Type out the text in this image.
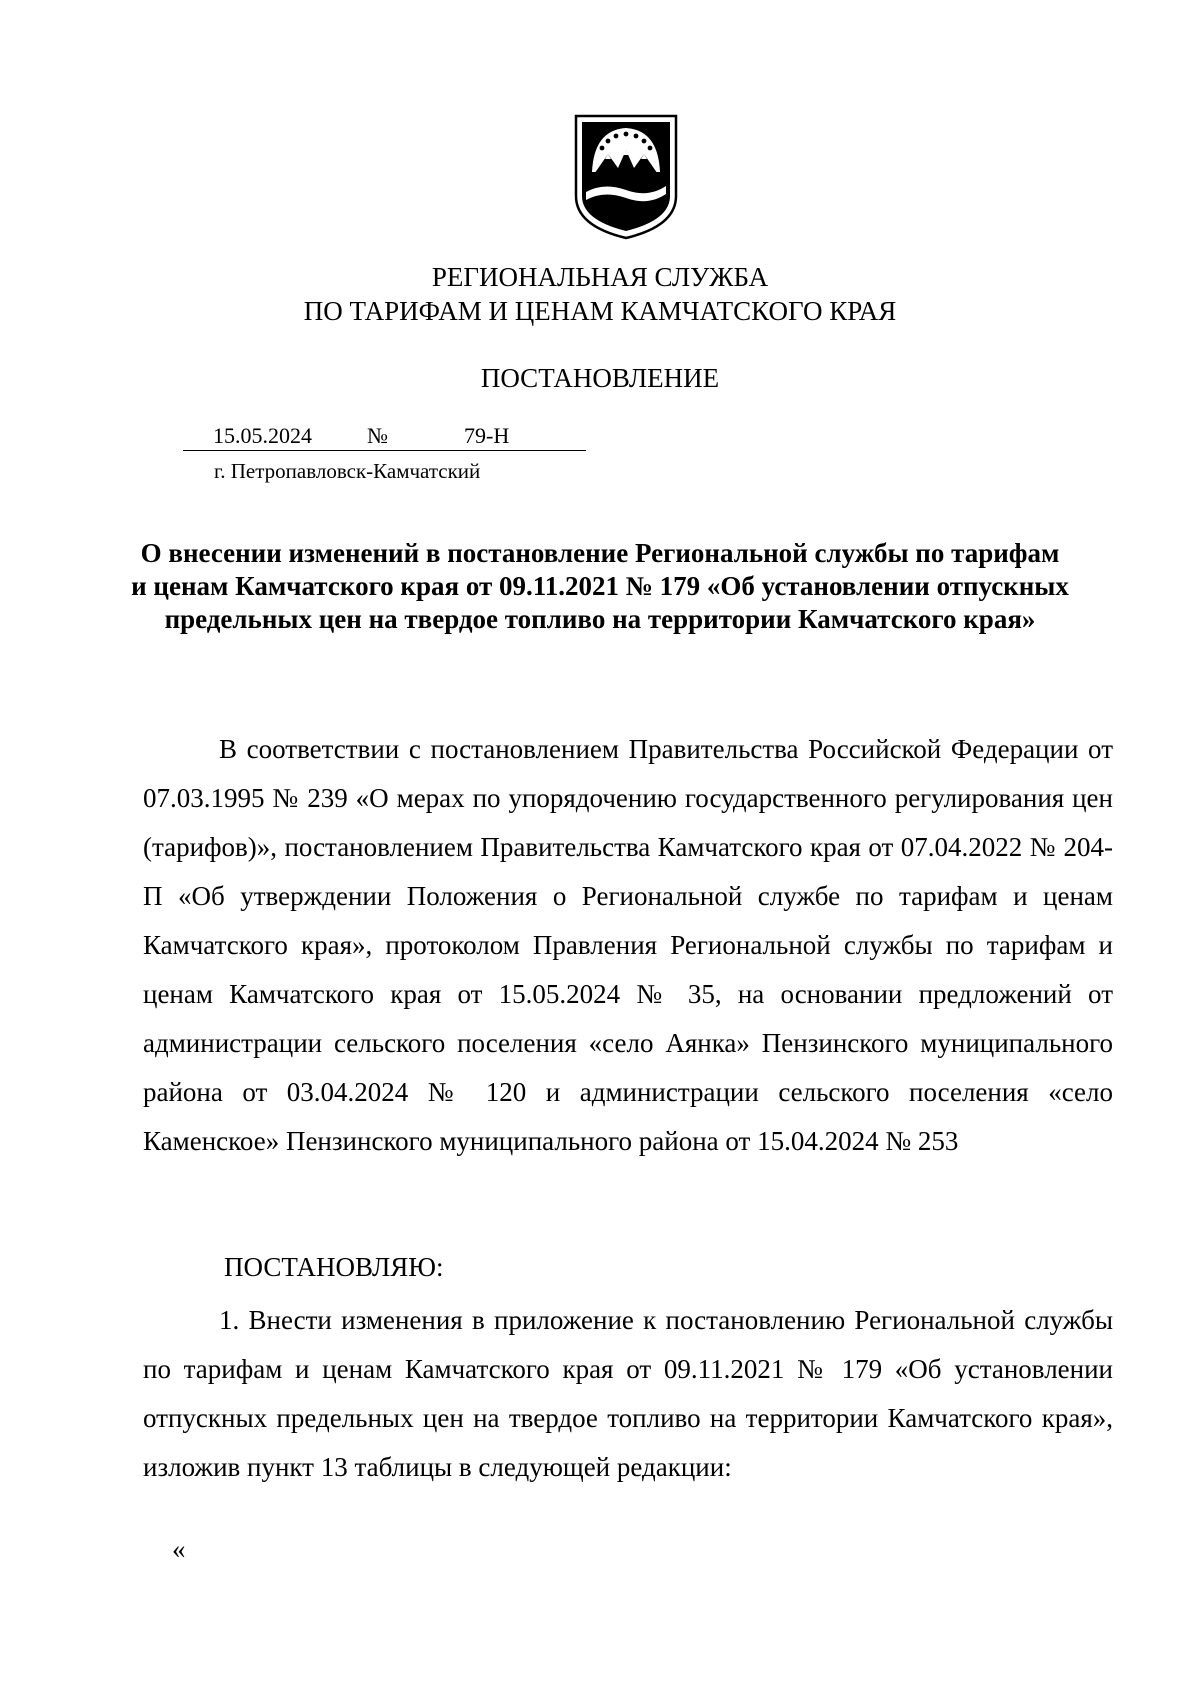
РЕГИОНАЛЬНАЯ СЛУЖБА
ПО ТАРИФАМ И ЦЕНАМ КАМЧАТСКОГО КРАЯ
ПОСТАНОВЛЕНИЕ
15.05.2024	№	79-Н
г. Петропавловск-Камчатский
О внесении изменений в постановление Региональной службы по тарифам и ценам Камчатского края от 09.11.2021 № 179 «Об установлении отпускных предельных цен на твердое топливо на территории Камчатского края»

В соответствии с постановлением Правительства Российской Федерации от 07.03.1995 № 239 «О мерах по упорядочению государственного регулирования цен (тарифов)», постановлением Правительства Камчатского края от 07.04.2022 № 204-П «Об утверждении Положения о Региональной службе по тарифам и ценам Камчатского края», протоколом Правления Региональной службы по тарифам и ценам Камчатского края от 15.05.2024 № 35, на основании предложений от администрации сельского поселения «село Аянка» Пензинского муниципального района от 03.04.2024 № 120 и администрации сельского поселения «село Каменское» Пензинского муниципального района от 15.04.2024 № 253

ПОСТАНОВЛЯЮ:

1. Внести изменения в приложение к постановлению Региональной службы по тарифам и ценам Камчатского края от 09.11.2021 № 179 «Об установлении отпускных предельных цен на твердое топливо на территории Камчатского края», изложив пункт 13 таблицы в следующей редакции:

«
